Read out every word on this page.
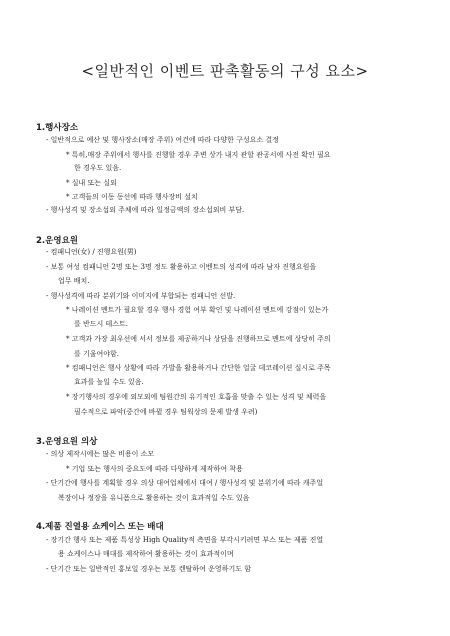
<일반적인 이벤트 판촉활동의 구성 요소>
1.행사장소
- 일반적으로 예산 및 행사장소(매장 주위) 여건에 따라 다양한 구성요소 결정
* 특히,매장 주위에서 행사를 진행할 경우 주변 상가 내지 관할 관공서에 사전 확인 필요
한 경우도 있음.
* 실내 또는 실외
* 고객들의 이동 동선에 따라 행사장비 설치
- 행사성격 및 장소섭외 주체에 따라 일정금액의 장소섭외비 부담.
2.운영요원
- 컴패니언(女) / 진행요원(男)
- 보통 여성 컴패니언 2명 또는 3명 정도 활용하고 이벤트의 성격에 따라 남자 진행요원을
업무 배치.
- 행사성격에 따라 분위기와 이미지에 부합되는 컴패니언 선발.
* 나레이션 멘트가 필요할 경우 행사 경험 여부 확인 및 나레이션 멘트에 강점이 있는가
를 반드시 테스트.
* 고객과 가장 최우선에 서서 정보를 제공하거나 상담을 진행하므로 멘트에 상당히 주의
를 기울여야함.
* 컴패니언은 행사 상황에 따라 가발을 활용하거나 간단한 얼굴 데코레이션 실시로 주목
효과를 높일 수도 있음.
* 장기행사의 경우에 외모외에 팀원간의 유기적인 호흡을 맞출 수 있는 성격 및 체력을
필수적으로 파악(중간에 바뀔 경우 팀웍상의 문제 발생 우려)
3.운영요원 의상
- 의상 제작시에는 많은 비용이 소모
* 기업 또는 행사의 중요도에 따라 다양하게 제작하여 착용
- 단기간에 행사를 계획할 경우 의상 대여업체에서 대여 / 행사성격 및 분위기에 따라 캐주얼
복장이나 정장을 유니폼으로 활용하는 것이 효과적일 수도 있음
4.제품 진열용 쇼케이스 또는 배대
- 장기간 행사 또는 제품 특성상 High Quality적 측면을 부각시키려면 부스 또는 제품 진열
용 쇼케이스나 매대를 제작하여 활용하는 것이 효과적이며
- 단기간 또는 일반적인 홍보일 경우는 보통 렌탈하여 운영하기도 함
